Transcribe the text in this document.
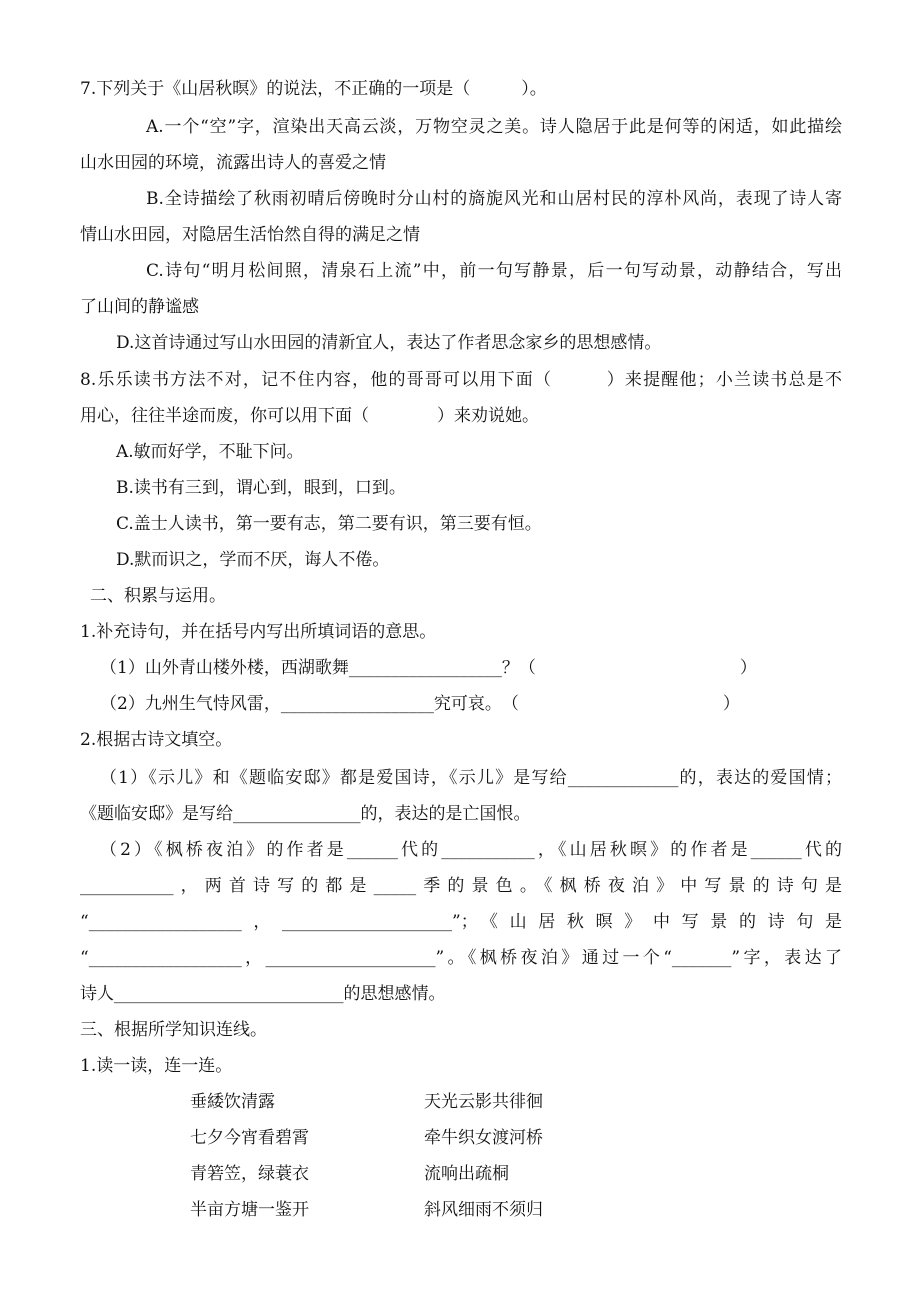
7.下列关于《山居秋暝》的说法，不正确的一项是（　　　）。
A.一个“空”字，渲染出天高云淡，万物空灵之美。诗人隐居于此是何等的闲适，如此描绘
山水田园的环境，流露出诗人的喜爱之情
B.全诗描绘了秋雨初晴后傍晚时分山村的旖旎风光和山居村民的淳朴风尚，表现了诗人寄
情山水田园，对隐居生活怡然自得的满足之情
C.诗句“明月松间照，清泉石上流”中，前一句写静景，后一句写动景，动静结合，写出
了山间的静谧感
D.这首诗通过写山水田园的清新宜人，表达了作者思念家乡的思想感情。
8.乐乐读书方法不对，记不住内容，他的哥哥可以用下面（　　　）来提醒他；小兰读书总是不
用心，往往半途而废，你可以用下面（　　　　）来劝说她。
A.敏而好学，不耻下问。
B.读书有三到，谓心到，眼到，口到。
C.盖士人读书，第一要有志，第二要有识，第三要有恒。
D.默而识之，学而不厌，诲人不倦。
二、积累与运用。
1.补充诗句，并在括号内写出所填词语的意思。
（1）山外青山楼外楼，西湖歌舞__________________？（　　　　　　　　　　　　）
（2）九州生气恃风雷，__________________究可哀。　（　　　　　　　　　　　　）
2.根据古诗文填空。
（1）《示儿》和《题临安邸》都是爱国诗，《示儿》是写给_____________的，表达的爱国情；
《题临安邸》是写给_______________的，表达的是亡国恨。
（2）《枫桥夜泊》的作者是______代的___________，《山居秋暝》的作者是______代的
___________，两首诗写的都是_____季的景色。《枫桥夜泊》中写景的诗句是
“__________________，____________________”；《山居秋暝》中写景的诗句是
“__________________，____________________”。《枫桥夜泊》通过一个“_______”字，表达了
诗人___________________________的思想感情。
三、根据所学知识连线。
1.读一读，连一连。
垂緌饮清露	天光云影共徘徊
七夕今宵看碧霄	牵牛织女渡河桥
青箬笠，绿蓑衣	流响出疏桐
半亩方塘一鉴开	斜风细雨不须归
